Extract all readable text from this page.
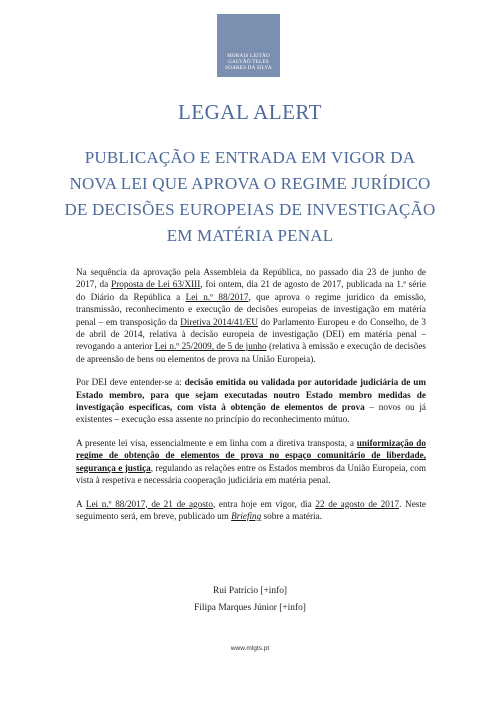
MORAIS LEITÃO
GALVÃO TELES
SOARES DA SILVA
LEGAL ALERT
PUBLICAÇÃO E ENTRADA EM VIGOR DA NOVA LEI QUE APROVA O REGIME JURÍDICO DE DECISÕES EUROPEIAS DE INVESTIGAÇÃO EM MATÉRIA PENAL

Na sequência da aprovação pela Assembleia da República, no passado dia 23 de junho de 2017, da Proposta de Lei 63/XIII, foi ontem, dia 21 de agosto de 2017, publicada na 1.ª série do Diário da República a Lei n.º 88/2017, que aprova o regime jurídico da emissão, transmissão, reconhecimento e execução de decisões europeias de investigação em matéria penal – em transposição da Diretiva 2014/41/EU do Parlamento Europeu e do Conselho, de 3 de abril de 2014, relativa à decisão europeia de investigação (DEI) em matéria penal – revogando a anterior Lei n.º 25/2009, de 5 de junho (relativa à emissão e execução de decisões de apreensão de bens ou elementos de prova na União Europeia).

Por DEI deve entender-se a: decisão emitida ou validada por autoridade judiciária de um Estado membro, para que sejam executadas noutro Estado membro medidas de investigação específicas, com vista à obtenção de elementos de prova – novos ou já existentes – execução essa assente no princípio do reconhecimento mútuo.

A presente lei visa, essencialmente e em linha com a diretiva transposta, a uniformização do regime de obtenção de elementos de prova no espaço comunitário de liberdade, segurança e justiça, regulando as relações entre os Estados membros da União Europeia, com vista à respetiva e necessária cooperação judiciária em matéria penal.

A Lei n.º 88/2017, de 21 de agosto, entra hoje em vigor, dia 22 de agosto de 2017. Neste seguimento será, em breve, publicado um Briefing sobre a matéria.

Rui Patrício [+info]
Filipa Marques Júnior [+info]
www.mlgts.pt
